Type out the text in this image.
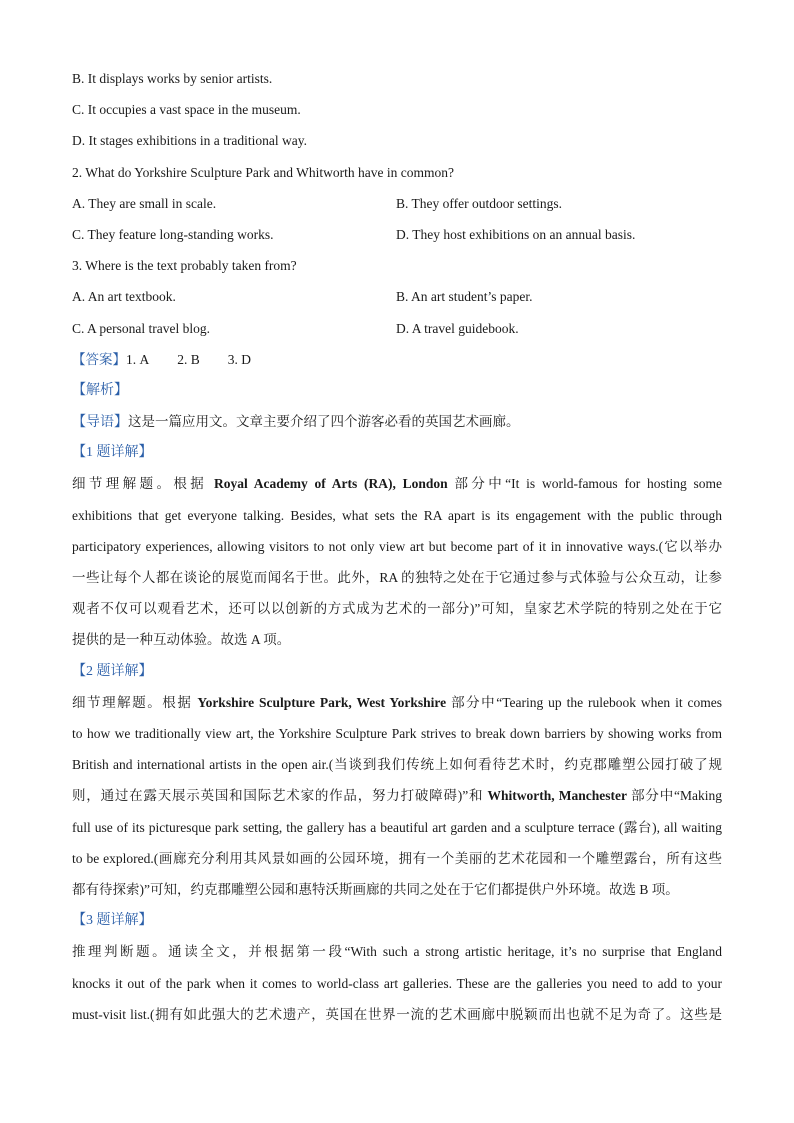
B. It displays works by senior artists.
C. It occupies a vast space in the museum.
D. It stages exhibitions in a traditional way.
2. What do Yorkshire Sculpture Park and Whitworth have in common?
A. They are small in scale.	B. They offer outdoor settings.
C. They feature long-standing works.	D. They host exhibitions on an annual basis.
3. Where is the text probably taken from?
A. An art textbook.	B. An art student’s paper.
C. A personal travel blog.	D. A travel guidebook.
【答案】1. A 2. B 3. D
【解析】
【导语】这是一篇应用文。文章主要介绍了四个游客必看的英国艺术画廊。
【1 题详解】
细节理解题。根据 Royal Academy of Arts (RA), London 部分中“It is world-famous for hosting some
exhibitions that get everyone talking. Besides, what sets the RA apart is its engagement with the public through
participatory experiences, allowing visitors to not only view art but become part of it in innovative ways.(它以举办
一些让每个人都在谈论的展览而闻名于世。此外，RA 的独特之处在于它通过参与式体验与公众互动，让参
观者不仅可以观看艺术，还可以以创新的方式成为艺术的一部分)”可知，皇家艺术学院的特别之处在于它
提供的是一种互动体验。故选 A 项。
【2 题详解】
细节理解题。根据 Yorkshire Sculpture Park, West Yorkshire 部分中“Tearing up the rulebook when it comes
to how we traditionally view art, the Yorkshire Sculpture Park strives to break down barriers by showing works from
British and international artists in the open air.(当谈到我们传统上如何看待艺术时，约克郡雕塑公园打破了规
则，通过在露天展示英国和国际艺术家的作品，努力打破障碍)”和 Whitworth, Manchester 部分中“Making
full use of its picturesque park setting, the gallery has a beautiful art garden and a sculpture terrace (露台), all waiting
to be explored.(画廊充分利用其风景如画的公园环境，拥有一个美丽的艺术花园和一个雕塑露台，所有这些
都有待探索)”可知，约克郡雕塑公园和惠特沃斯画廊的共同之处在于它们都提供户外环境。故选 B 项。
【3 题详解】
推理判断题。通读全文，并根据第一段“With such a strong artistic heritage, it’s no surprise that England
knocks it out of the park when it comes to world-class art galleries. These are the galleries you need to add to your
must-visit list.(拥有如此强大的艺术遗产，英国在世界一流的艺术画廊中脱颖而出也就不足为奇了。这些是
